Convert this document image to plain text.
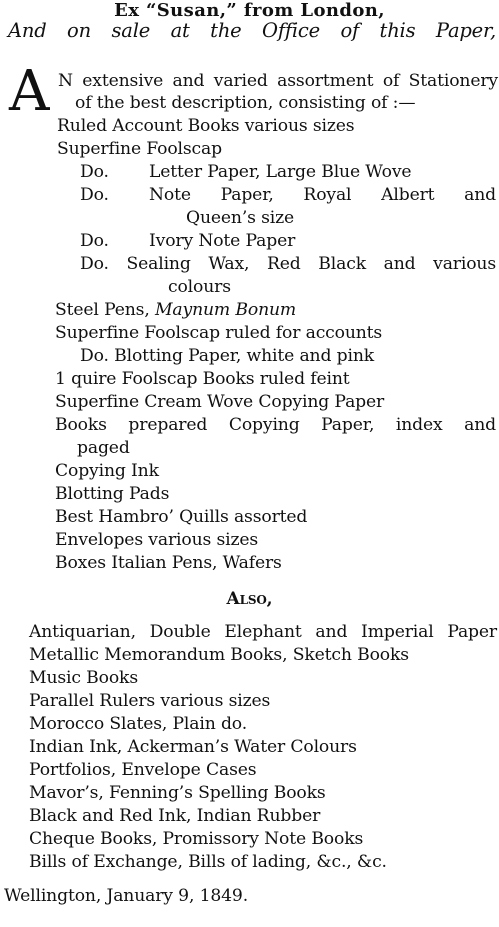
Ex “Susan,” from London,
And on sale at the Office of this Paper,
A N extensive and varied assortment of Stationery
of the best description, consisting of :—
Ruled Account Books various sizes
Superfine Foolscap
Do. Letter Paper, Large Blue Wove
Do. Note Paper, Royal Albert and
Queen’s size
Do. Ivory Note Paper
Do. Sealing Wax, Red Black and various
colours
Steel Pens, Maynum Bonum
Superfine Foolscap ruled for accounts
Do. Blotting Paper, white and pink
1 quire Foolscap Books ruled feint
Superfine Cream Wove Copying Paper
Books prepared Copying Paper, index and
paged
Copying Ink
Blotting Pads
Best Hambro’ Quills assorted
Envelopes various sizes
Boxes Italian Pens, Wafers
Also,
Antiquarian, Double Elephant and Imperial Paper
Metallic Memorandum Books, Sketch Books
Music Books
Parallel Rulers various sizes
Morocco Slates, Plain do.
Indian Ink, Ackerman’s Water Colours
Portfolios, Envelope Cases
Mavor’s, Fenning’s Spelling Books
Black and Red Ink, Indian Rubber
Cheque Books, Promissory Note Books
Bills of Exchange, Bills of lading, &c., &c.
Wellington, January 9, 1849.
